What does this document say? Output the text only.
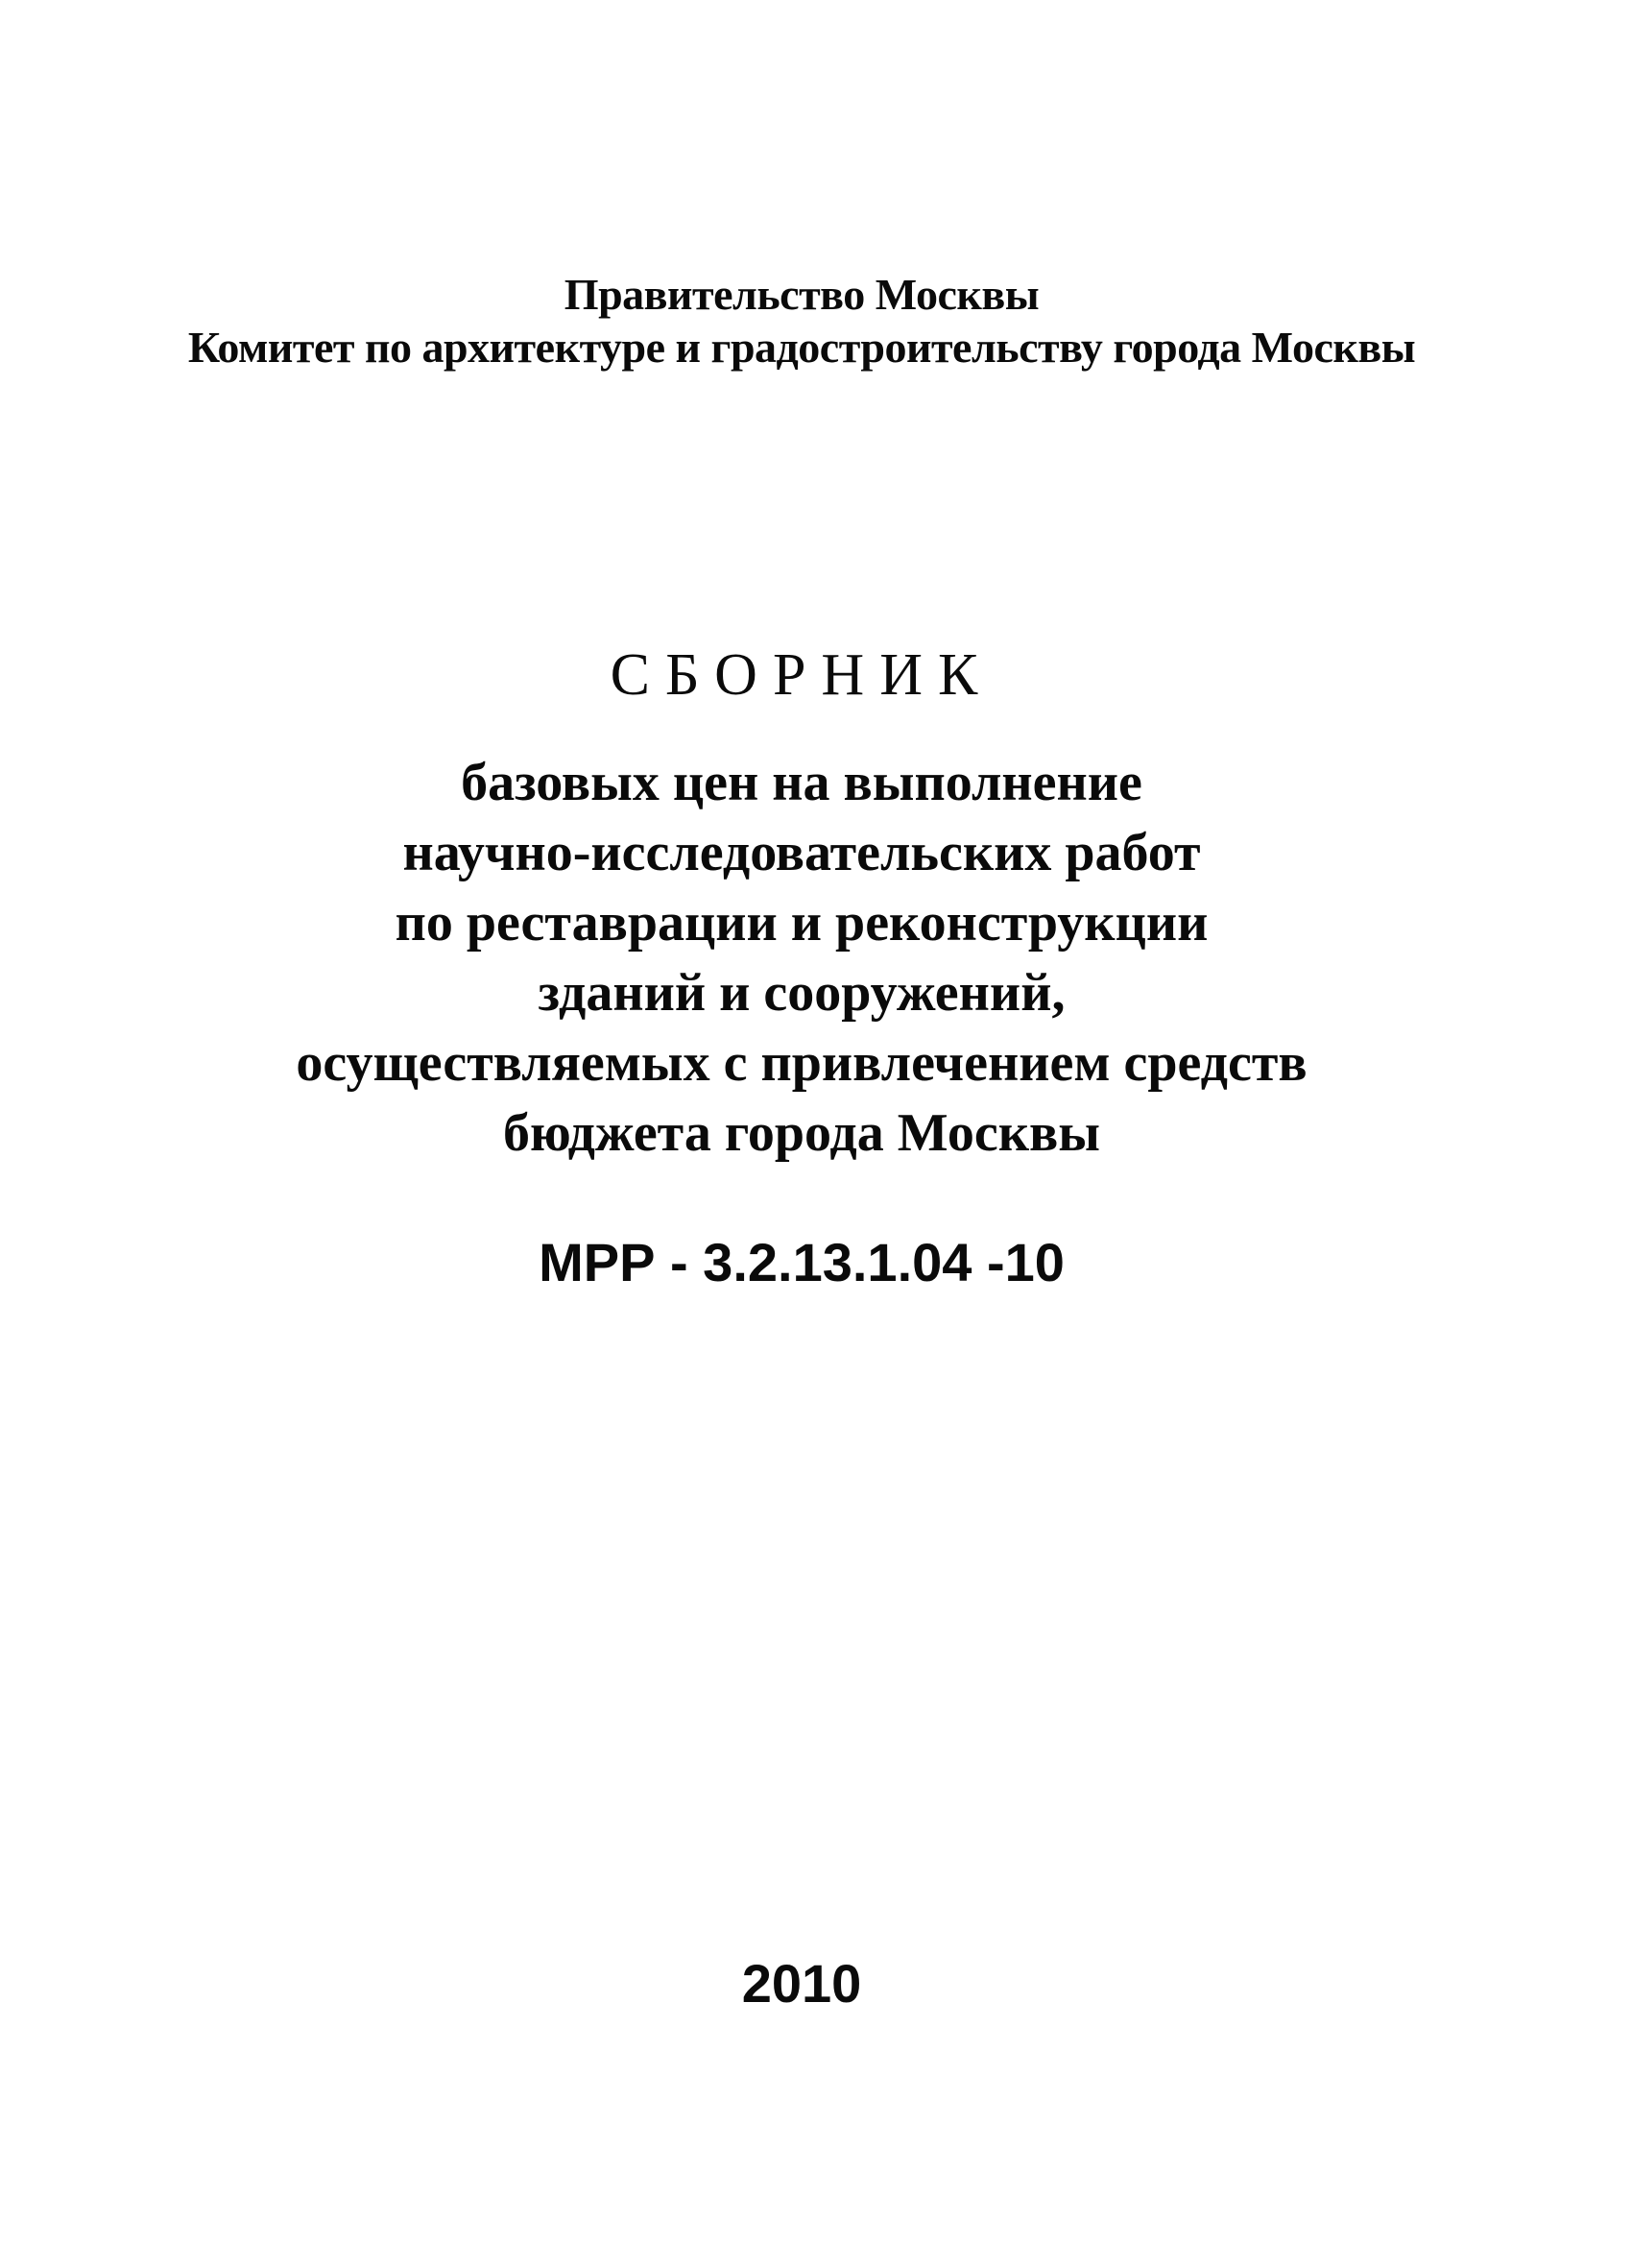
Правительство Москвы
Комитет по архитектуре и градостроительству города Москвы
СБОРНИК
базовых цен на выполнение
научно-исследовательских работ
по реставрации и реконструкции
зданий и сооружений,
осуществляемых с привлечением средств
бюджета города Москвы
МРР - 3.2.13.1.04 -10
2010
